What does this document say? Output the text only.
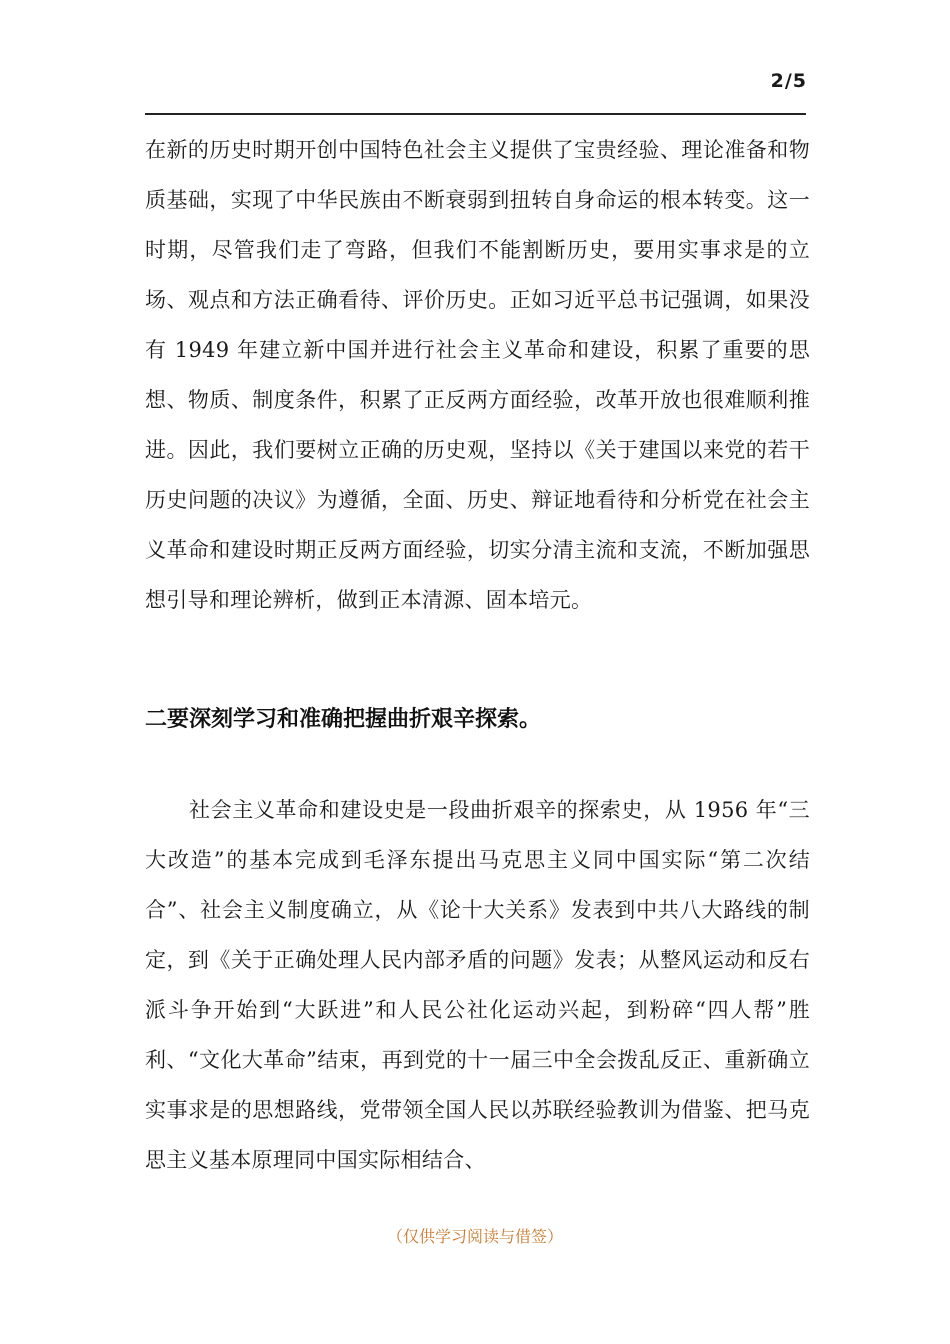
2/5

在新的历史时期开创中国特色社会主义提供了宝贵经验、理论准备和物质基础，实现了中华民族由不断衰弱到扭转自身命运的根本转变。这一时期，尽管我们走了弯路，但我们不能割断历史，要用实事求是的立场、观点和方法正确看待、评价历史。正如习近平总书记强调，如果没有 1949 年建立新中国并进行社会主义革命和建设，积累了重要的思想、物质、制度条件，积累了正反两方面经验，改革开放也很难顺利推进。因此，我们要树立正确的历史观，坚持以《关于建国以来党的若干历史问题的决议》为遵循，全面、历史、辩证地看待和分析党在社会主义革命和建设时期正反两方面经验，切实分清主流和支流，不断加强思想引导和理论辨析，做到正本清源、固本培元。

二要深刻学习和准确把握曲折艰辛探索。

社会主义革命和建设史是一段曲折艰辛的探索史，从 1956 年“三大改造”的基本完成到毛泽东提出马克思主义同中国实际“第二次结合”、社会主义制度确立，从《论十大关系》发表到中共八大路线的制定，到《关于正确处理人民内部矛盾的问题》发表；从整风运动和反右派斗争开始到“大跃进”和人民公社化运动兴起，到粉碎“四人帮”胜利、“文化大革命”结束，再到党的十一届三中全会拨乱反正、重新确立实事求是的思想路线，党带领全国人民以苏联经验教训为借鉴、把马克思主义基本原理同中国实际相结合、

（仅供学习阅读与借签）
